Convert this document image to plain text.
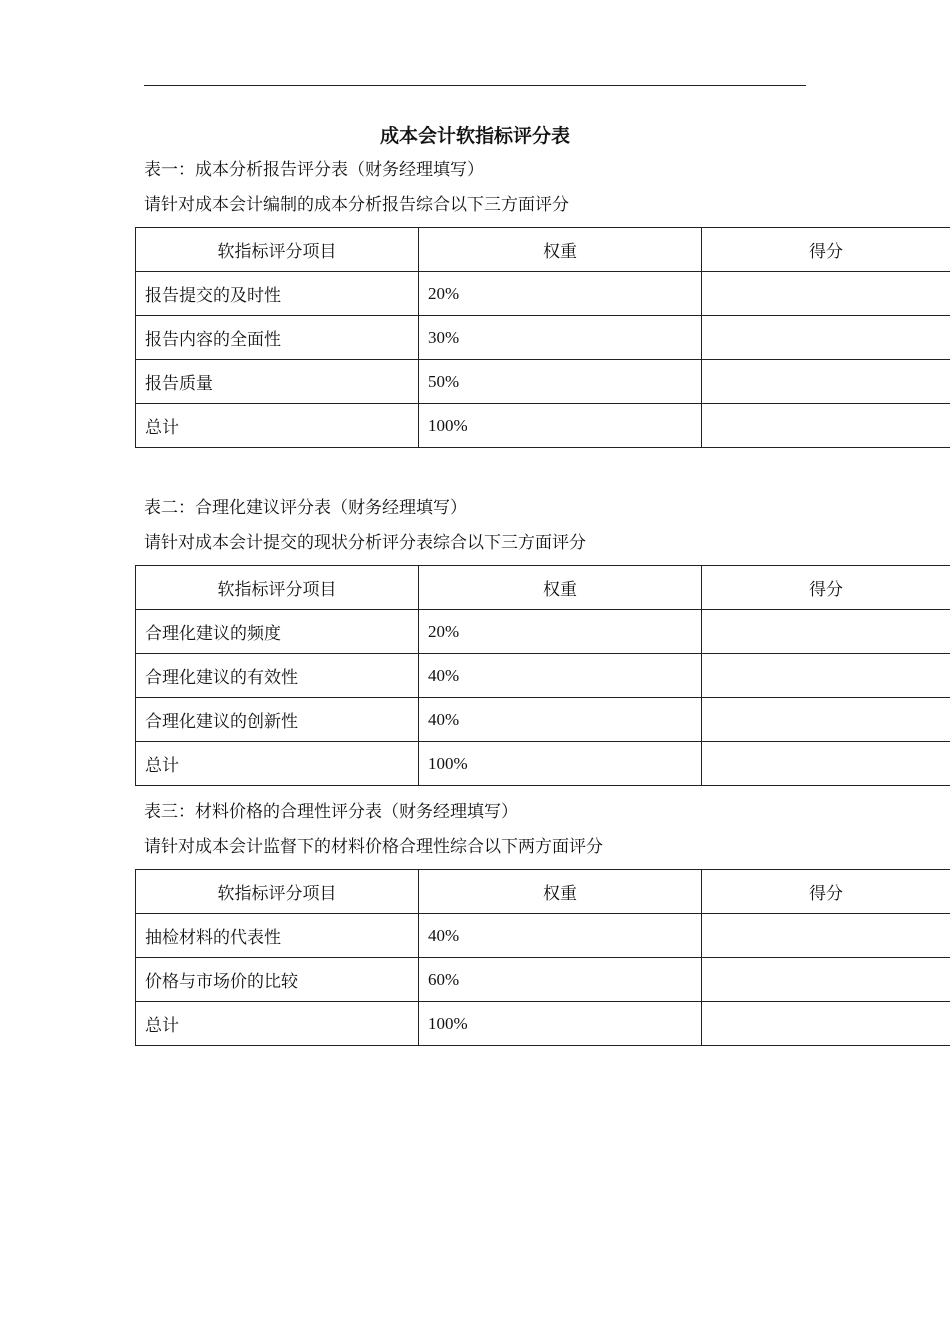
成本会计软指标评分表
表一：成本分析报告评分表（财务经理填写）
请针对成本会计编制的成本分析报告综合以下三方面评分
软指标评分项目	权重	得分
报告提交的及时性	20%	
报告内容的全面性	30%	
报告质量	50%	
总计	100%	
表二：合理化建议评分表（财务经理填写）
请针对成本会计提交的现状分析评分表综合以下三方面评分
软指标评分项目	权重	得分
合理化建议的频度	20%	
合理化建议的有效性	40%	
合理化建议的创新性	40%	
总计	100%	
表三：材料价格的合理性评分表（财务经理填写）
请针对成本会计监督下的材料价格合理性综合以下两方面评分
软指标评分项目	权重	得分
抽检材料的代表性	40%	
价格与市场价的比较	60%	
总计	100%	
